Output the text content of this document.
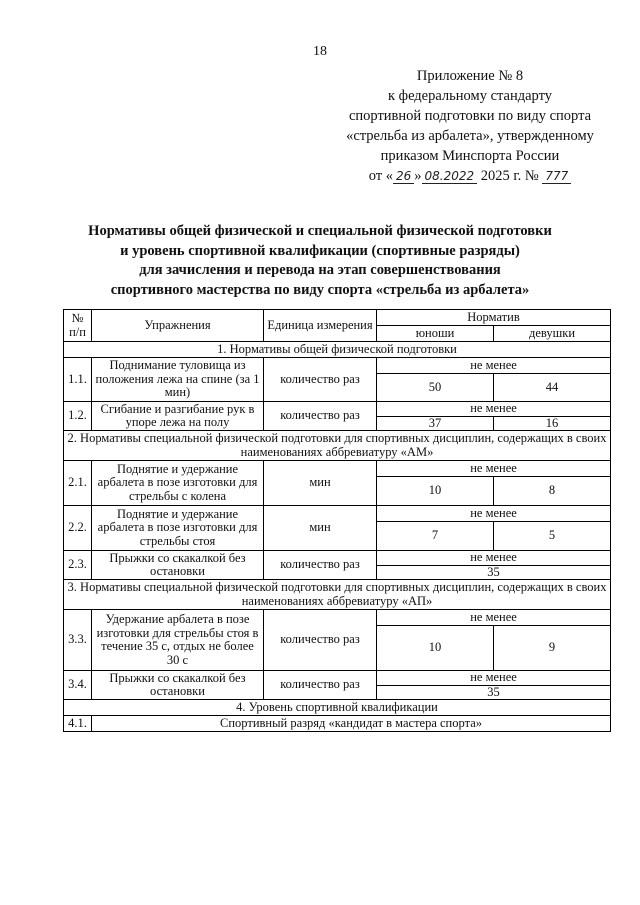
18
Приложение № 8
к федеральному стандарту
спортивной подготовки по виду спорта
«стрельба из арбалета», утвержденному
приказом Минспорта России
от « 26 » 08.2022 2025 г. № 777
Нормативы общей физической и специальной физической подготовки
и уровень спортивной квалификации (спортивные разряды)
для зачисления и перевода на этап совершенствования
спортивного мастерства по виду спорта «стрельба из арбалета»
№ п/п	Упражнения	Единица измерения	Норматив	
			юноши	девушки
1. Нормативы общей физической подготовки				
1.1.	Поднимание туловища из положения лежа на спине (за 1 мин)	количество раз	не менее	
			50	44
1.2.	Сгибание и разгибание рук в упоре лежа на полу	количество раз	не менее	
			37	16
2. Нормативы специальной физической подготовки для спортивных дисциплин, содержащих в своих наименованиях аббревиатуру «АМ»				
2.1.	Поднятие и удержание арбалета в позе изготовки для стрельбы с колена	мин	не менее	
			10	8
2.2.	Поднятие и удержание арбалета в позе изготовки для стрельбы стоя	мин	не менее	
			7	5
2.3.	Прыжки со скакалкой без остановки	количество раз	не менее	
			35	
3. Нормативы специальной физической подготовки для спортивных дисциплин, содержащих в своих наименованиях аббревиатуру «АП»				
3.3.	Удержание арбалета в позе изготовки для стрельбы стоя в течение 35 с, отдых не более 30 с	количество раз	не менее	
			10	9
3.4.	Прыжки со скакалкой без остановки	количество раз	не менее	
			35	
4. Уровень спортивной квалификации				
4.1.	Спортивный разряд «кандидат в мастера спорта»			
